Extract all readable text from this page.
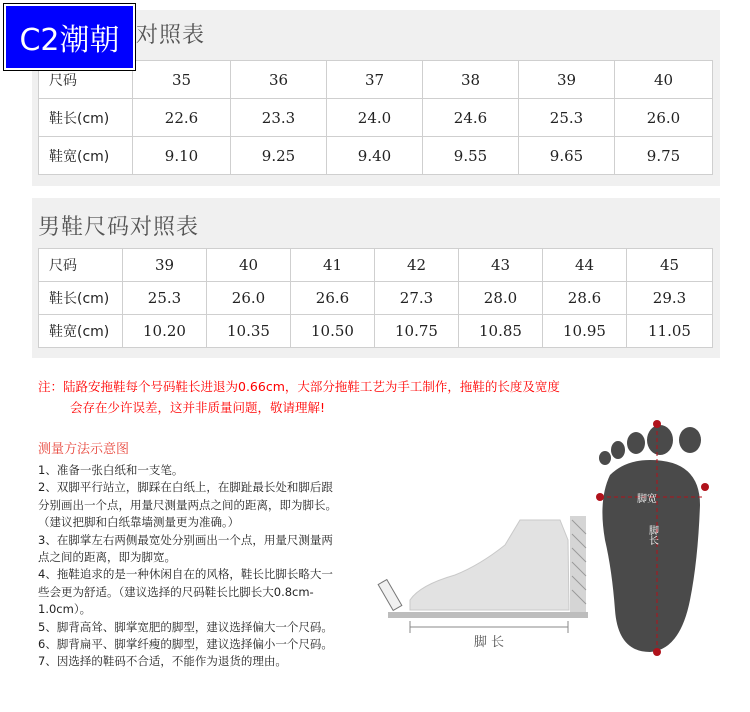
C2潮朝 对照表
尺码	35	36	37	38	39	40
鞋长(cm)	22.6	23.3	24.0	24.6	25.3	26.0
鞋宽(cm)	9.10	9.25	9.40	9.55	9.65	9.75
男鞋尺码对照表
尺码	39	40	41	42	43	44	45
鞋长(cm)	25.3	26.0	26.6	27.3	28.0	28.6	29.3
鞋宽(cm)	10.20	10.35	10.50	10.75	10.85	10.95	11.05
注：陆路安拖鞋每个号码鞋长进退为0.66cm，大部分拖鞋工艺为手工制作，拖鞋的长度及宽度
会存在少许误差，这并非质量问题，敬请理解!
测量方法示意图
1、准备一张白纸和一支笔。
2、双脚平行站立，脚踩在白纸上，在脚趾最长处和脚后跟
分别画出一个点，用量尺测量两点之间的距离，即为脚长。
（建议把脚和白纸靠墙测量更为准确。）
3、在脚掌左右两侧最宽处分别画出一个点，用量尺测量两
点之间的距离，即为脚宽。
4、拖鞋追求的是一种休闲自在的风格，鞋长比脚长略大一
些会更为舒适。（建议选择的尺码鞋长比脚长大0.8cm-
1.0cm）。
5、脚背高耸、脚掌宽肥的脚型，建议选择偏大一个尺码。
6、脚背扁平、脚掌纤瘦的脚型，建议选择偏小一个尺码。
7、因选择的鞋码不合适，不能作为退货的理由。
脚 长
脚宽
脚长
